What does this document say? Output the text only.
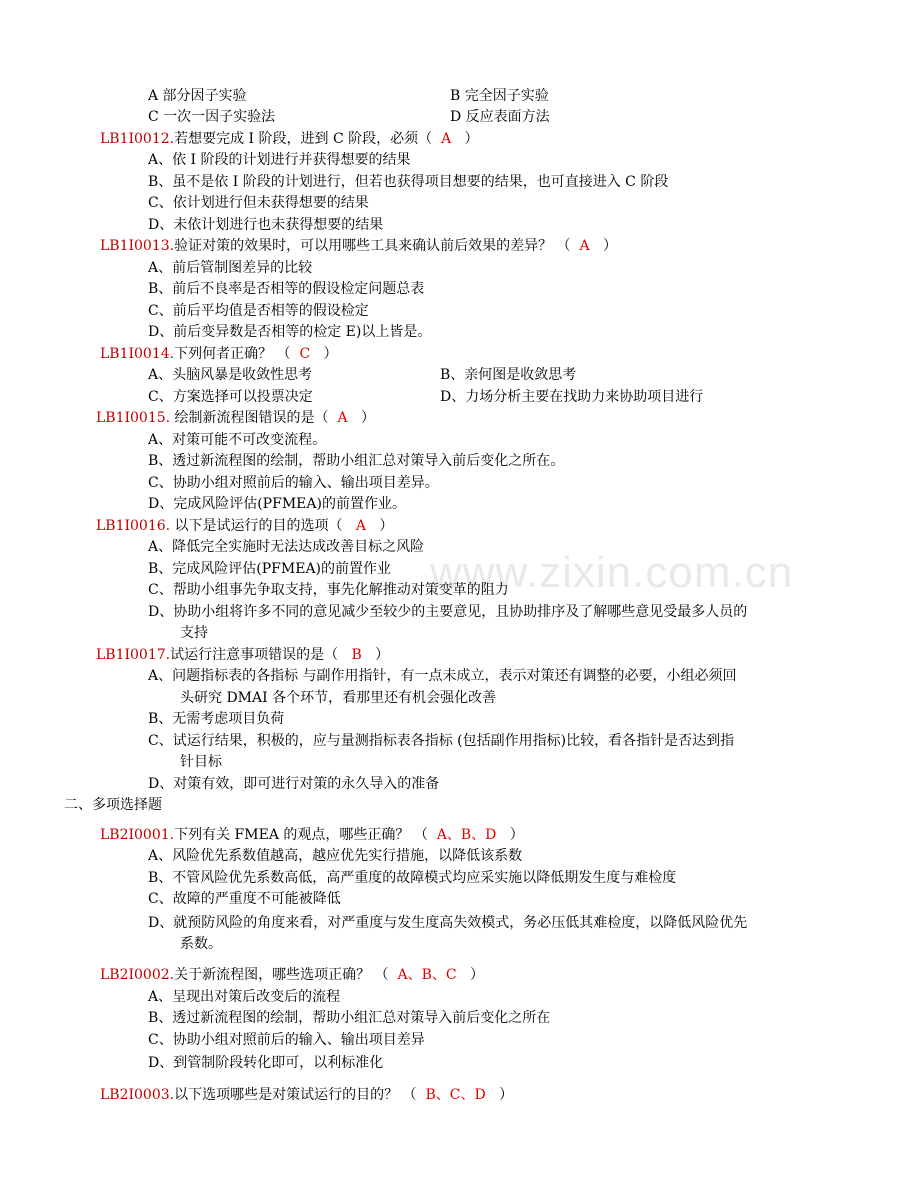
www.zixin.com.cn
A 部分因子实验	B 完全因子实验
C 一次一因子实验法	D 反应表面方法
LB1I0012.若想要完成 I 阶段，进到 C 阶段，必须（ A ）
A、依 I 阶段的计划进行并获得想要的结果
B、虽不是依 I 阶段的计划进行，但若也获得项目想要的结果，也可直接进入 C 阶段
C、依计划进行但未获得想要的结果
D、未依计划进行也未获得想要的结果
LB1I0013.验证对策的效果时，可以用哪些工具来确认前后效果的差异？ （ A ）
A、前后管制图差异的比较
B、前后不良率是否相等的假设检定问题总表
C、前后平均值是否相等的假设检定
D、前后变异数是否相等的检定 E)以上皆是。
LB1I0014.下列何者正确？ （ C ）
A、头脑风暴是收敛性思考	B、亲何图是收敛思考
C、方案选择可以投票决定	D、力场分析主要在找助力来协助项目进行
LB1I0015. 绘制新流程图错误的是（ A ）
A、对策可能不可改变流程。
B、透过新流程图的绘制，帮助小组汇总对策导入前后变化之所在。
C、协助小组对照前后的输入、输出项目差异。
D、完成风险评估(PFMEA)的前置作业。
LB1I0016. 以下是试运行的目的选项（ A ）
A、降低完全实施时无法达成改善目标之风险
B、完成风险评估(PFMEA)的前置作业
C、帮助小组事先争取支持，事先化解推动对策变革的阻力
D、协助小组将许多不同的意见减少至较少的主要意见，且协助排序及了解哪些意见受最多人员的
支持
LB1I0017.试运行注意事项错误的是（ B ）
A、问题指标表的各指标 与副作用指针，有一点未成立，表示对策还有调整的必要，小组必须回
头研究 DMAI 各个环节，看那里还有机会强化改善
B、无需考虑项目负荷
C、试运行结果，积极的，应与量测指标表各指标 (包括副作用指标)比较，看各指针是否达到指
针目标
D、对策有效，即可进行对策的永久导入的准备
二、多项选择题
LB2I0001.下列有关 FMEA 的观点，哪些正确？ （ A、B、D ）
A、风险优先系数值越高，越应优先实行措施，以降低该系数
B、不管风险优先系数高低，高严重度的故障模式均应采实施以降低期发生度与难检度
C、故障的严重度不可能被降低
D、就预防风险的角度来看，对严重度与发生度高失效模式，务必压低其难检度，以降低风险优先
系数。
LB2I0002.关于新流程图，哪些选项正确？ （ A、B、C ）
A、呈现出对策后改变后的流程
B、透过新流程图的绘制，帮助小组汇总对策导入前后变化之所在
C、协助小组对照前后的输入、输出项目差异
D、到管制阶段转化即可，以利标准化
LB2I0003.以下选项哪些是对策试运行的目的？ （ B、C、D ）
